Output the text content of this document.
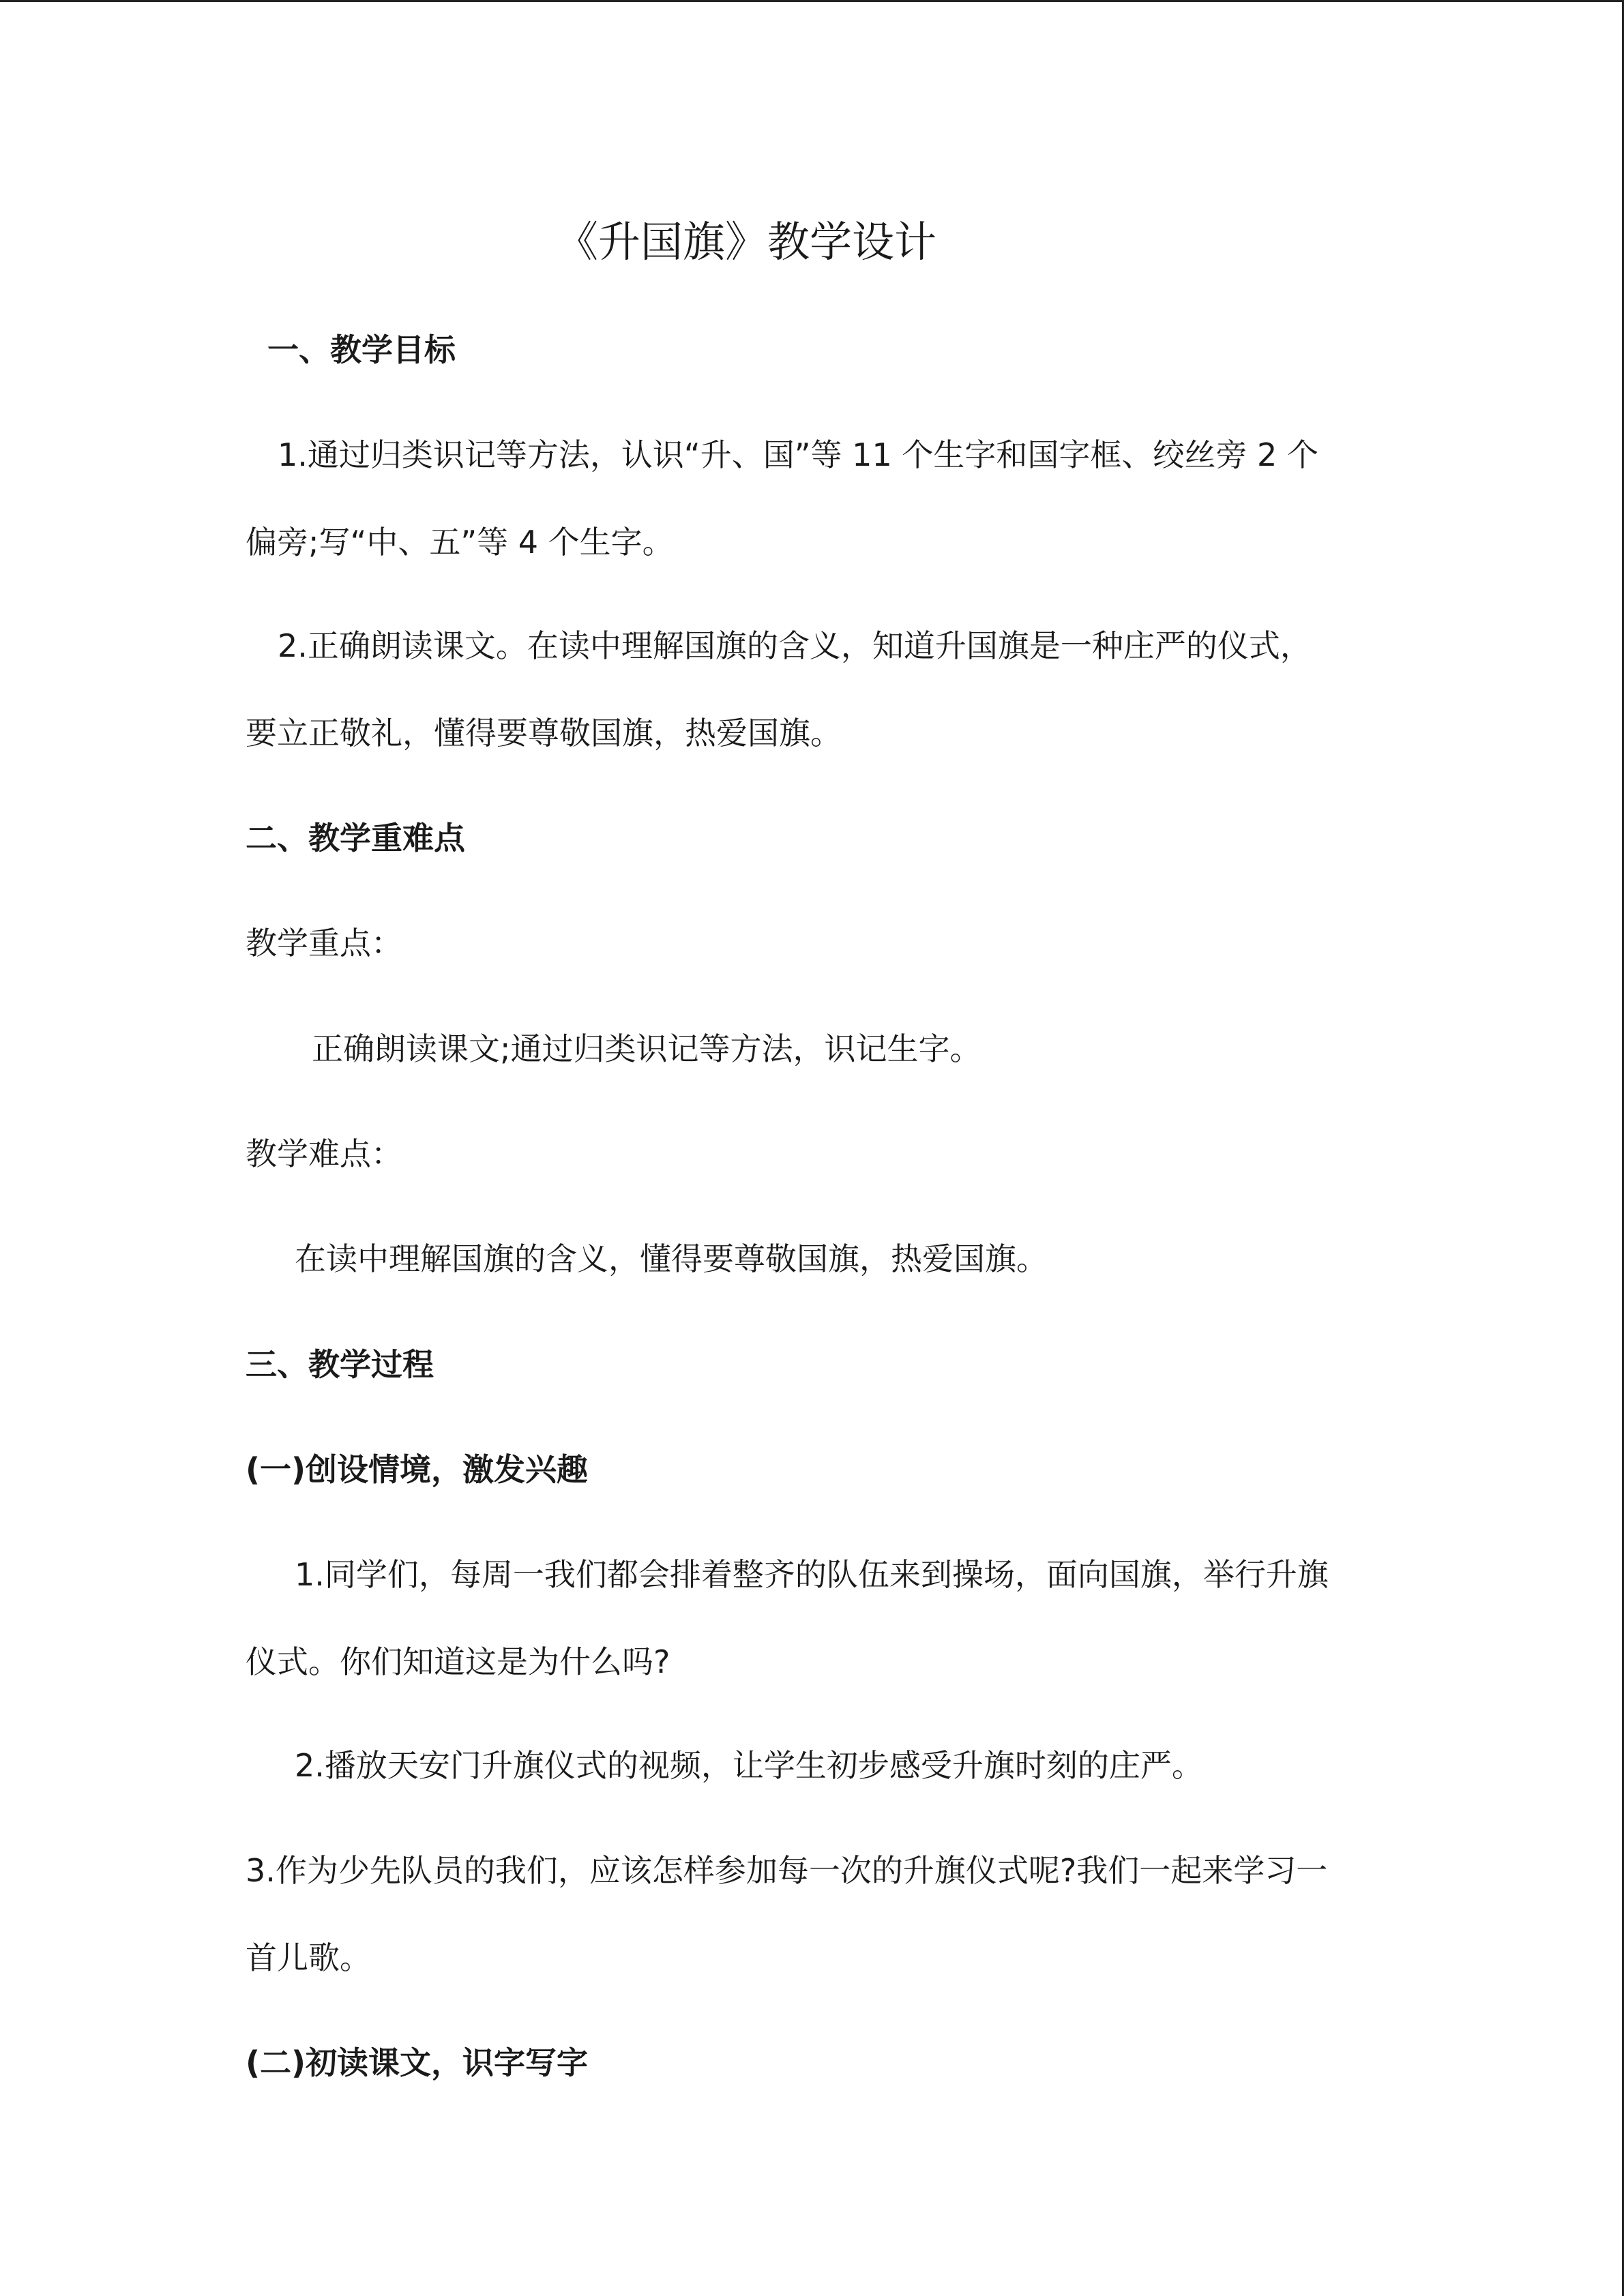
《升国旗》教学设计
一、教学目标
1.通过归类识记等方法，认识“升、国”等 11 个生字和国字框、绞丝旁 2 个
偏旁;写“中、五”等 4 个生字。
2.正确朗读课文。在读中理解国旗的含义，知道升国旗是一种庄严的仪式，
要立正敬礼，懂得要尊敬国旗，热爱国旗。
二、教学重难点
教学重点：
正确朗读课文;通过归类识记等方法，识记生字。
教学难点：
在读中理解国旗的含义，懂得要尊敬国旗，热爱国旗。
三、教学过程
(一)创设情境，激发兴趣
1.同学们，每周一我们都会排着整齐的队伍来到操场，面向国旗，举行升旗
仪式。你们知道这是为什么吗?
2.播放天安门升旗仪式的视频，让学生初步感受升旗时刻的庄严。
3.作为少先队员的我们，应该怎样参加每一次的升旗仪式呢?我们一起来学习一
首儿歌。
(二)初读课文，识字写字
